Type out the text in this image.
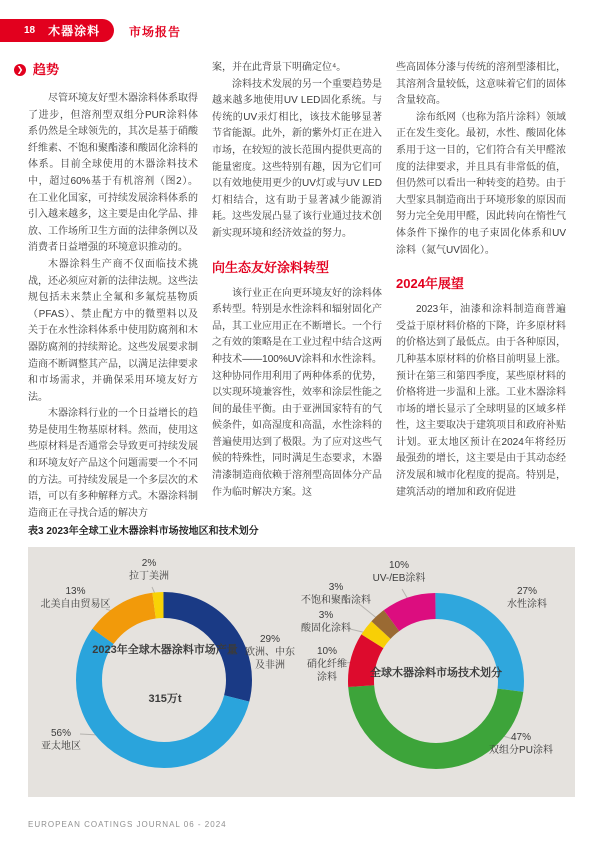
18 木器涂料 市场报告
❯ 趋势

尽管环境友好型木器涂料体系取得了进步，但溶剂型双组分PUR涂料体系仍然是全球领先的，其次是基于硝酸纤维素、不饱和聚酯漆和酸固化涂料的体系。目前全球使用的木器涂料技术中，超过60%基于有机溶剂（图2）。在工业化国家，可持续发展涂料体系的引入越来越多，这主要是由化学品、排放、工作场所卫生方面的法律条例以及消费者日益增强的环境意识推动的。

木器涂料生产商不仅面临技术挑战，还必须应对新的法律法规。这些法规包括未来禁止全氟和多氟烷基物质（PFAS）、禁止配方中的微塑料以及关于在水性涂料体系中使用防腐剂和木器防腐剂的持续辩论。这些发展要求制造商不断调整其产品，以满足法律要求和市场需求，并确保采用环境友好方法。

木器涂料行业的一个日益增长的趋势是使用生物基原材料。然而，使用这些原材料是否通常会导致更可持续发展和环境友好产品这个问题需要一个不同的方法。可持续发展是一个多层次的术语，可以有多种解释方式。木器涂料制造商正在寻找合适的解决方

案，并在此背景下明确定位⁴。

涂料技术发展的另一个重要趋势是越来越多地使用UV LED固化系统。与传统的UV汞灯相比，该技术能够显著节省能源。此外，新的紫外灯正在进入市场，在较短的波长范围内提供更高的能量密度。这些特别有趣，因为它们可以有效地使用更少的UV灯或与UV LED灯相结合，这有助于显著减少能源消耗。这些发展凸显了该行业通过技术创新实现环境和经济效益的努力。

向生态友好涂料转型

该行业正在向更环境友好的涂料体系转型。特别是水性涂料和辐射固化产品，其工业应用正在不断增长。一个行之有效的策略是在工业过程中结合这两种技术——100%UV涂料和水性涂料。这种协同作用利用了两种体系的优势，以实现环境兼容性，效率和涂层性能之间的最佳平衡。由于亚洲国家特有的气候条件，如高湿度和高温，水性涂料的普遍使用达到了极限。为了应对这些气候的特殊性，同时满足生态要求，木器清漆制造商依赖于溶剂型高固体分产品作为临时解决方案。这

些高固体分漆与传统的溶剂型漆相比，其溶剂含量较低，这意味着它们的固体含量较高。

涂布纸网（也称为箔片涂料）领域正在发生变化。最初，水性、酸固化体系用于这一目的，它们符合有关甲醛浓度的法律要求，并且具有非常低的值，但仍然可以看出一种转变的趋势。由于大型家具制造商出于环境形象的原因而努力完全免用甲醛，因此转向在惰性气体条件下操作的电子束固化体系和UV涂料（氮气UV固化）。

2024年展望

2023年，油漆和涂料制造商普遍受益于原材料价格的下降，许多原材料的价格达到了最低点。由于各种原因，几种基本原材料的价格目前明显上涨。预计在第三和第四季度，某些原材料的价格将进一步温和上涨。工业木器涂料市场的增长显示了全球明显的区域多样性，这主要取决于建筑项目和政府补贴计划。亚太地区预计在2024年将经历最强劲的增长，这主要是由于其动态经济发展和城市化程度的提高。特别是，建筑活动的增加和政府促进

表3 2023年全球工业木器涂料市场按地区和技术划分
2%
拉丁美洲
13%
北美自由贸易区
29%
欧洲、中东及非洲
56%
亚太地区
2023年全球木器涂料市场产量
315万t
10%
UV-/EB涂料
3%
不饱和聚酯涂料
3%
酸固化涂料
10%
硝化纤维涂料
27%
水性涂料
47%
双组分PU涂料
全球木器涂料市场技术划分
EUROPEAN COATINGS JOURNAL 06 - 2024
